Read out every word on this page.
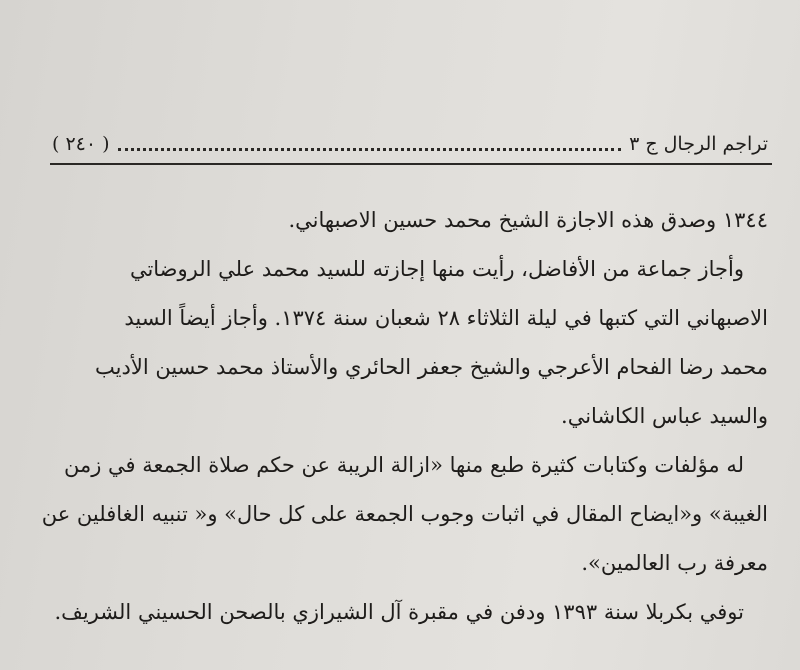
تراجم الرجال ج ٣
( ٢٤٠ )
١٣٤٤ وصدق هذه الاجازة الشيخ محمد حسين الاصبهاني.
وأجاز جماعة من الأفاضل، رأيت منها إجازته للسيد محمد علي الروضاتي
الاصبهاني التي كتبها في ليلة الثلاثاء ٢٨ شعبان سنة ١٣٧٤. وأجاز أيضاً السيد
محمد رضا الفحام الأعرجي والشيخ جعفر الحائري والأستاذ محمد حسين الأديب
والسيد عباس الكاشاني.
له مؤلفات وكتابات كثيرة طبع منها «ازالة الريبة عن حكم صلاة الجمعة في زمن
الغيبة» و«ايضاح المقال في اثبات وجوب الجمعة على كل حال» و« تنبيه الغافلين عن
معرفة رب العالمين».
توفي بكربلا سنة ١٣٩٣ ودفن في مقبرة آل الشيرازي بالصحن الحسيني الشريف.
